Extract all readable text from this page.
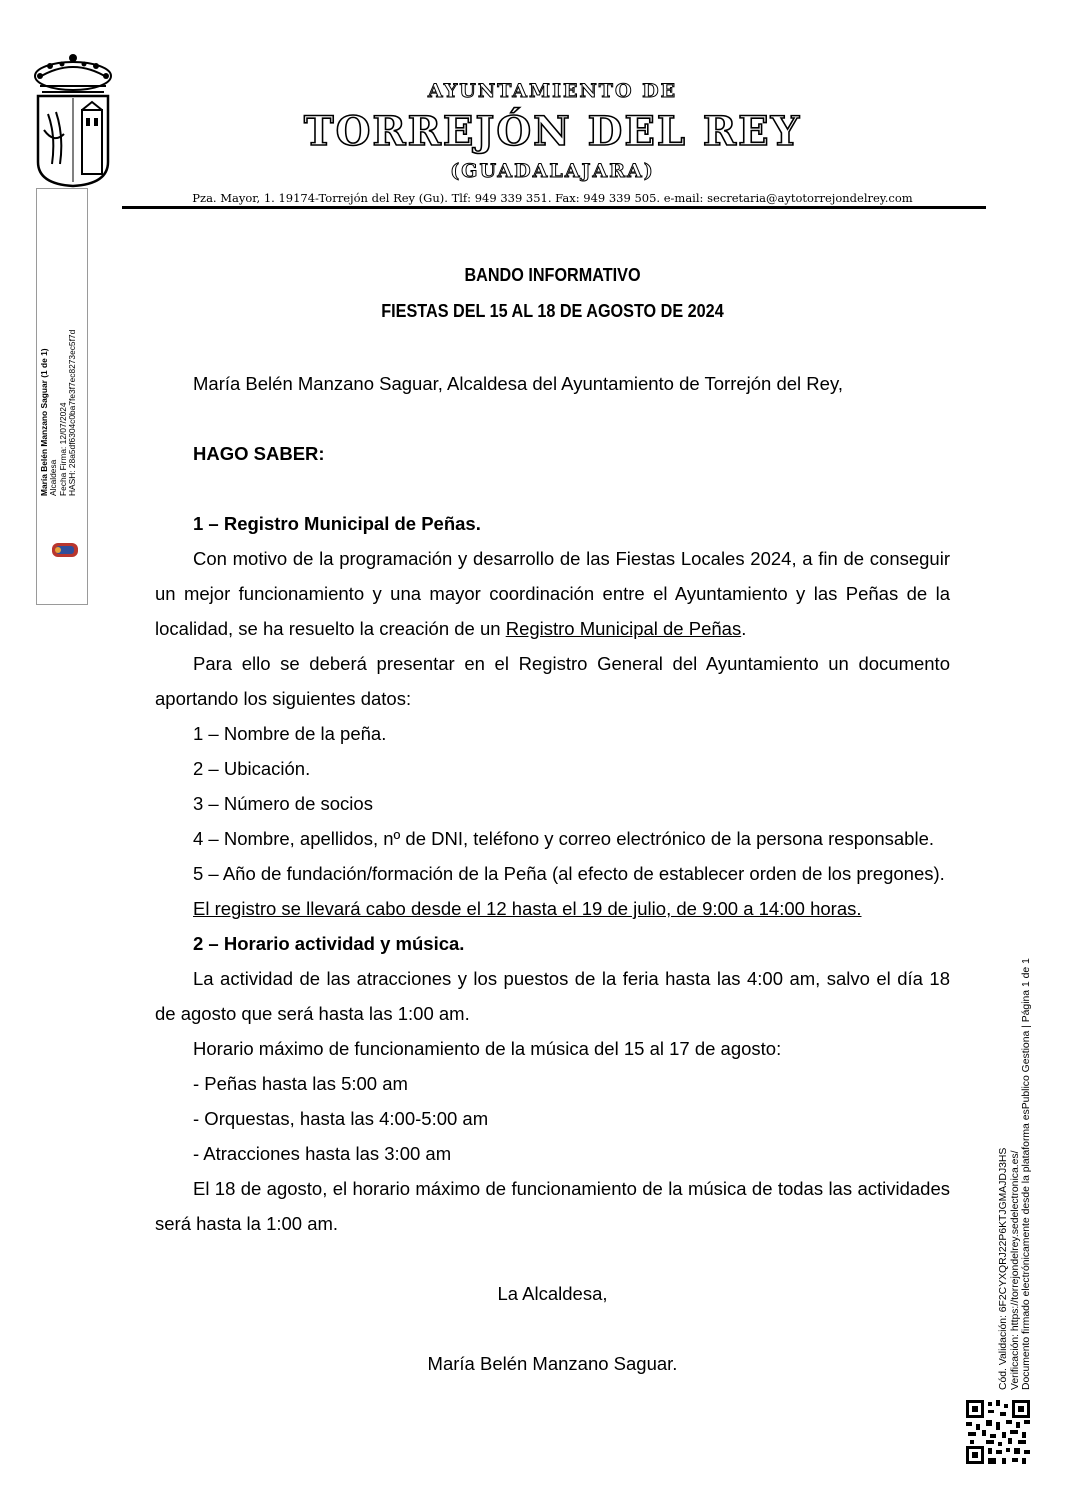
AYUNTAMIENTO DE
TORREJÓN DEL REY
(GUADALAJARA)
Pza. Mayor, 1. 19174-Torrejón del Rey (Gu). Tlf: 949 339 351. Fax: 949 339 505. e-mail: secretaria@aytotorrejondelrey.com
María Belén Manzano Saguar (1 de 1) Alcaldesa Fecha Firma: 12/07/2024 HASH: 28a5df6304c0ba7fe3f7ec8273ec5f7d
Cód. Validación: 6F2CYXQRJ22P6KTJGMAJDJ3HS Verificación: https://torrejondelrey.sedelectronica.es/ Documento firmado electrónicamente desde la plataforma esPublico Gestiona | Página 1 de 1
BANDO INFORMATIVO
FIESTAS DEL 15 AL 18 DE AGOSTO DE 2024

María Belén Manzano Saguar, Alcaldesa del Ayuntamiento de Torrejón del Rey,

HAGO SABER:

1 – Registro Municipal de Peñas.

Con motivo de la programación y desarrollo de las Fiestas Locales 2024, a fin de conseguir un mejor funcionamiento y una mayor coordinación entre el Ayuntamiento y las Peñas de la localidad, se ha resuelto la creación de un Registro Municipal de Peñas.

Para ello se deberá presentar en el Registro General del Ayuntamiento un documento aportando los siguientes datos:

1 – Nombre de la peña.

2 – Ubicación.

3 – Número de socios

4 – Nombre, apellidos, nº de DNI, teléfono y correo electrónico de la persona responsable.

5 – Año de fundación/formación de la Peña (al efecto de establecer orden de los pregones).

El registro se llevará cabo desde el 12 hasta el 19 de julio, de 9:00 a 14:00 horas.

2 – Horario actividad y música.

La actividad de las atracciones y los puestos de la feria hasta las 4:00 am, salvo el día 18 de agosto que será hasta las 1:00 am.

Horario máximo de funcionamiento de la música del 15 al 17 de agosto:

- Peñas hasta las 5:00 am

- Orquestas, hasta las 4:00-5:00 am

- Atracciones hasta las 3:00 am

El 18 de agosto, el horario máximo de funcionamiento de la música de todas las actividades será hasta la 1:00 am.

La Alcaldesa,

María Belén Manzano Saguar.
